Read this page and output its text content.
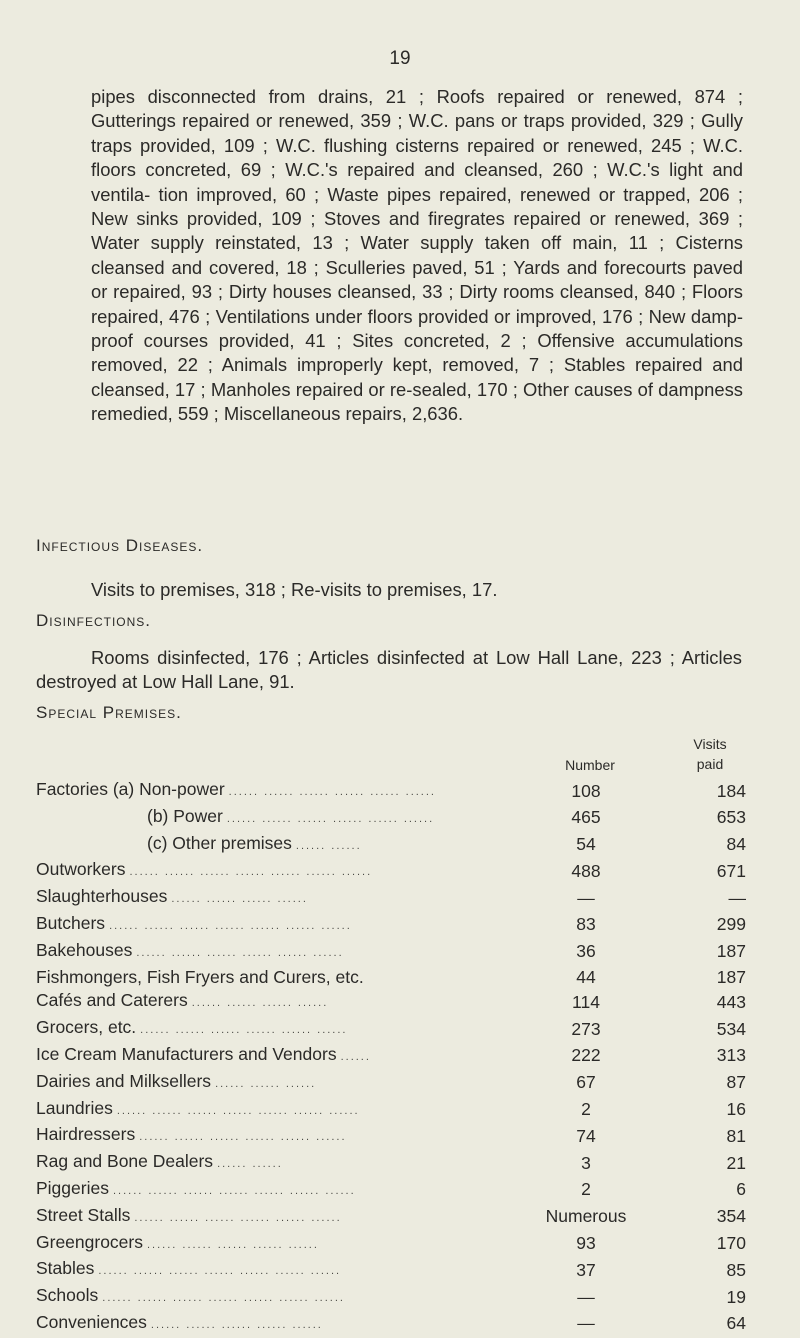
19

pipes disconnected from drains, 21 ; Roofs repaired or renewed, 874 ; Gutterings repaired or renewed, 359 ; W.C. pans or traps provided, 329 ; Gully traps provided, 109 ; W.C. flushing cisterns repaired or renewed, 245 ; W.C. floors concreted, 69 ; W.C.'s repaired and cleansed, 260 ; W.C.'s light and ventila- tion improved, 60 ; Waste pipes repaired, renewed or trapped, 206 ; New sinks provided, 109 ; Stoves and firegrates repaired or renewed, 369 ; Water supply reinstated, 13 ; Water supply taken off main, 11 ; Cisterns cleansed and covered, 18 ; Sculleries paved, 51 ; Yards and forecourts paved or repaired, 93 ; Dirty houses cleansed, 33 ; Dirty rooms cleansed, 840 ; Floors repaired, 476 ; Ventilations under floors provided or improved, 176 ; New damp-proof courses provided, 41 ; Sites concreted, 2 ; Offensive accumulations removed, 22 ; Animals improperly kept, removed, 7 ; Stables repaired and cleansed, 17 ; Manholes repaired or re-sealed, 170 ; Other causes of dampness remedied, 559 ; Miscellaneous repairs, 2,636.

Infectious Diseases.

Visits to premises, 318 ; Re-visits to premises, 17.

Disinfections.

Rooms disinfected, 176 ; Articles disinfected at Low Hall Lane, 223 ; Articles destroyed at Low Hall Lane, 91.

Special Premises.
Number
Visits
paid
Factories (a) Non-power ...... ...... ...... ...... ...... ......	108	184
(b) Power ...... ...... ...... ...... ...... ......	465	653
(c) Other premises ...... ......	54	84
Outworkers ...... ...... ...... ...... ...... ...... ......	488	671
Slaughterhouses ...... ...... ...... ......	—	—
Butchers ...... ...... ...... ...... ...... ...... ......	83	299
Bakehouses ...... ...... ...... ...... ...... ......	36	187
Fishmongers, Fish Fryers and Curers, etc.	44	187
Cafés and Caterers ...... ...... ...... ......	114	443
Grocers, etc. ...... ...... ...... ...... ...... ......	273	534
Ice Cream Manufacturers and Vendors ......	222	313
Dairies and Milksellers ...... ...... ......	67	87
Laundries ...... ...... ...... ...... ...... ...... ......	2	16
Hairdressers ...... ...... ...... ...... ...... ......	74	81
Rag and Bone Dealers ...... ......	3	21
Piggeries ...... ...... ...... ...... ...... ...... ......	2	6
Street Stalls ...... ...... ...... ...... ...... ......	Numerous	354
Greengrocers ...... ...... ...... ...... ......	93	170
Stables ...... ...... ...... ...... ...... ...... ......	37	85
Schools ...... ...... ...... ...... ...... ...... ......	—	19
Conveniences ...... ...... ...... ...... ......	—	64
